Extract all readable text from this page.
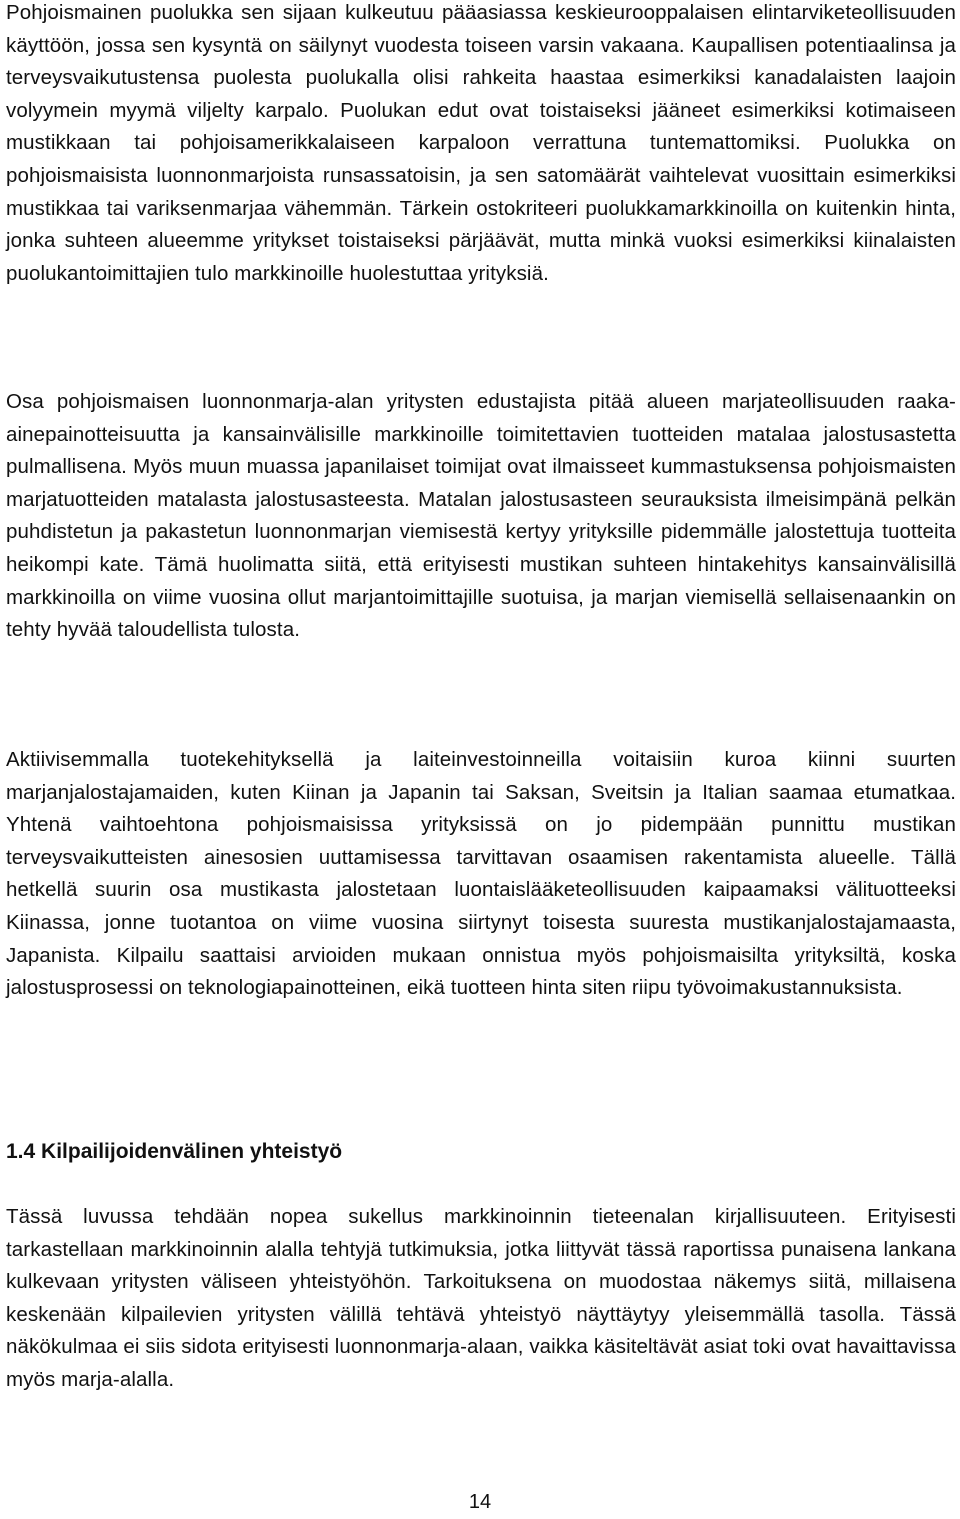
Pohjoismainen puolukka sen sijaan kulkeutuu pääasiassa keskieurooppalaisen elintarviketeollisuuden käyttöön, jossa sen kysyntä on säilynyt vuodesta toiseen varsin vakaana. Kaupallisen potentiaalinsa ja terveysvaikutustensa puolesta puolukalla olisi rahkeita haastaa esimerkiksi kanadalaisten laajoin volyymein myymä viljelty karpalo. Puolukan edut ovat toistaiseksi jääneet esimerkiksi kotimaiseen mustikkaan tai pohjoisamerikkalaiseen karpaloon verrattuna tuntemattomiksi. Puolukka on pohjoismaisista luonnonmarjoista runsassatoisin, ja sen satomäärät vaihtelevat vuosittain esimerkiksi mustikkaa tai variksenmarjaa vähemmän. Tärkein ostokriteeri puolukkamarkkinoilla on kuitenkin hinta, jonka suhteen alueemme yritykset toistaiseksi pärjäävät, mutta minkä vuoksi esimerkiksi kiinalaisten puolukantoimittajien tulo markkinoille huolestuttaa yrityksiä.

Osa pohjoismaisen luonnonmarja-alan yritysten edustajista pitää alueen marjateollisuuden raaka-ainepainotteisuutta ja kansainvälisille markkinoille toimitettavien tuotteiden matalaa jalostusastetta pulmallisena. Myös muun muassa japanilaiset toimijat ovat ilmaisseet kummastuksensa pohjoismaisten marjatuotteiden matalasta jalostusasteesta. Matalan jalostusasteen seurauksista ilmeisimpänä pelkän puhdistetun ja pakastetun luonnonmarjan viemisestä kertyy yrityksille pidemmälle jalostettuja tuotteita heikompi kate. Tämä huolimatta siitä, että erityisesti mustikan suhteen hintakehitys kansainvälisillä markkinoilla on viime vuosina ollut marjantoimittajille suotuisa, ja marjan viemisellä sellaisenaankin on tehty hyvää taloudellista tulosta.

Aktiivisemmalla tuotekehityksellä ja laiteinvestoinneilla voitaisiin kuroa kiinni suurten marjanjalostajamaiden, kuten Kiinan ja Japanin tai Saksan, Sveitsin ja Italian saamaa etumatkaa. Yhtenä vaihtoehtona pohjoismaisissa yrityksissä on jo pidempään punnittu mustikan terveysvaikutteisten ainesosien uuttamisessa tarvittavan osaamisen rakentamista alueelle. Tällä hetkellä suurin osa mustikasta jalostetaan luontaislääketeollisuuden kaipaamaksi välituotteeksi Kiinassa, jonne tuotantoa on viime vuosina siirtynyt toisesta suuresta mustikanjalostajamaasta, Japanista. Kilpailu saattaisi arvioiden mukaan onnistua myös pohjoismaisilta yrityksiltä, koska jalostusprosessi on teknologiapainotteinen, eikä tuotteen hinta siten riipu työvoimakustannuksista.

1.4 Kilpailijoidenvälinen yhteistyö

Tässä luvussa tehdään nopea sukellus markkinoinnin tieteenalan kirjallisuuteen. Erityisesti tarkastellaan markkinoinnin alalla tehtyjä tutkimuksia, jotka liittyvät tässä raportissa punaisena lankana kulkevaan yritysten väliseen yhteistyöhön. Tarkoituksena on muodostaa näkemys siitä, millaisena keskenään kilpailevien yritysten välillä tehtävä yhteistyö näyttäytyy yleisemmällä tasolla. Tässä näkökulmaa ei siis sidota erityisesti luonnonmarja-alaan, vaikka käsiteltävät asiat toki ovat havaittavissa myös marja-alalla.

14
